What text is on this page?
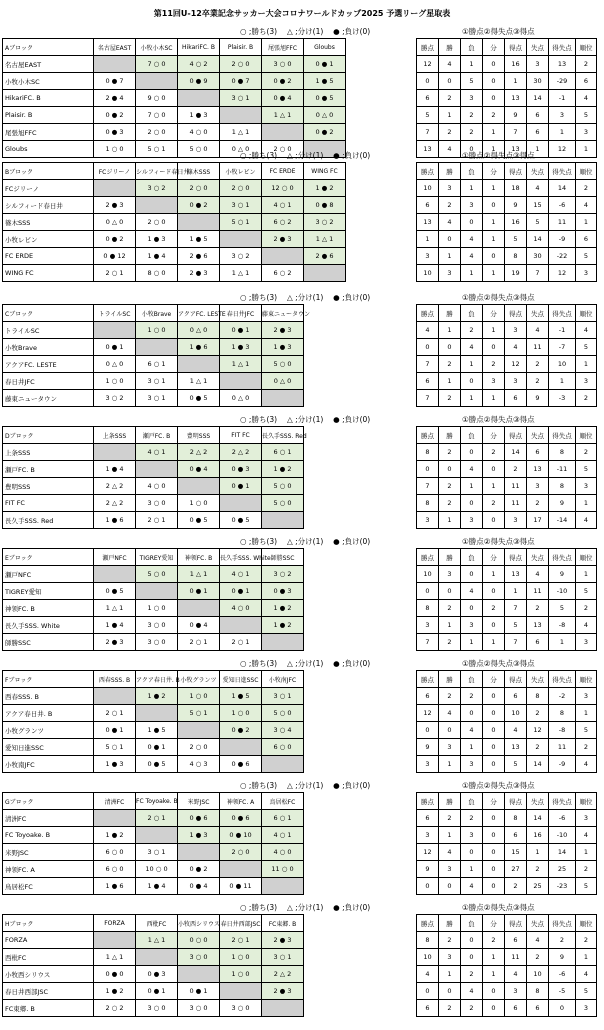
第11回U-12卒業記念サッカー大会コロナワールドカップ2025 予選リーグ星取表
○ ;勝ち(3)　 △ ;分け(1)　 ● ;負け(0)	①勝点②得失点③得点
Aブロック	名古屋EAST	小牧小木SC	HikariFC. B	Plaisir. B	尾張旭FFC	Gloubs
名古屋EAST		7 ○ 0	4 ○ 2	2 ○ 0	3 ○ 0	0 ● 1

小牧小木SC	0 ● 7		0 ● 9	0 ● 7	0 ● 2	1 ● 5

HikariFC. B	2 ● 4	9 ○ 0		3 ○ 1	0 ● 4	0 ● 5

Plaisir. B	0 ● 2	7 ○ 0	1 ● 3		1 △ 1	0 △ 0

尾張旭FFC	0 ● 3	2 ○ 0	4 ○ 0	1 △ 1		0 ● 2

Gloubs	1 ○ 0	5 ○ 1	5 ○ 0	0 △ 0	2 ○ 0	

勝点	勝	負	分	得点	失点	得失点	順位
12	4	1	0	16	3	13	2
0	0	5	0	1	30	-29	6
6	2	3	0	13	14	-1	4
5	1	2	2	9	6	3	5
7	2	2	1	7	6	1	3
13	4	0	1	13	1	12	1
○ ;勝ち(3)　 △ ;分け(1)　 ● ;負け(0)	①勝点②得失点③得点
Bブロック	FCジリーノ	シルフィード春日井	篠木SSS	小牧レビン	FC ERDE	WING FC
FCジリーノ		3 ○ 2	2 ○ 0	2 ○ 0	12 ○ 0	1 ● 2

シルフィード春日井	2 ● 3		0 ● 2	3 ○ 1	4 ○ 1	0 ● 8

篠木SSS	0 △ 0	2 ○ 0		5 ○ 1	6 ○ 2	3 ○ 2

小牧レビン	0 ● 2	1 ● 3	1 ● 5		2 ● 3	1 △ 1

FC ERDE	0 ● 12	1 ● 4	2 ● 6	3 ○ 2		2 ● 6

WING FC	2 ○ 1	8 ○ 0	2 ● 3	1 △ 1	6 ○ 2	

勝点	勝	負	分	得点	失点	得失点	順位
10	3	1	1	18	4	14	2
6	2	3	0	9	15	-6	4
13	4	0	1	16	5	11	1
1	0	4	1	5	14	-9	6
3	1	4	0	8	30	-22	5
10	3	1	1	19	7	12	3
○ ;勝ち(3)　 △ ;分け(1)　 ● ;負け(0)	①勝点②得失点③得点
Cブロック	トライルSC	小牧Brave	アクアFC. LESTE	春日井JFC	藤東ニュータウン
トライルSC		1 ○ 0	0 △ 0	0 ● 1	2 ● 3

小牧Brave	0 ● 1		1 ● 6	1 ● 3	1 ● 3

アクアFC. LESTE	0 △ 0	6 ○ 1		1 △ 1	5 ○ 0

春日井JFC	1 ○ 0	3 ○ 1	1 △ 1		0 △ 0

藤東ニュータウン	3 ○ 2	3 ○ 1	0 ● 5	0 △ 0	

勝点	勝	負	分	得点	失点	得失点	順位
4	1	2	1	3	4	-1	4
0	0	4	0	4	11	-7	5
7	2	1	2	12	2	10	1
6	1	0	3	3	2	1	3
7	2	1	1	6	9	-3	2
○ ;勝ち(3)　 △ ;分け(1)　 ● ;負け(0)	①勝点②得失点③得点
Dブロック	上条SSS	瀬戸FC. B	豊明SSS	FIT FC	長久手SSS. Red
上条SSS		4 ○ 1	2 △ 2	2 △ 2	6 ○ 1

瀬戸FC. B	1 ● 4		0 ● 4	0 ● 3	1 ● 2

豊明SSS	2 △ 2	4 ○ 0		0 ● 1	5 ○ 0

FIT FC	2 △ 2	3 ○ 0	1 ○ 0		5 ○ 0

長久手SSS. Red	1 ● 6	2 ○ 1	0 ● 5	0 ● 5	

勝点	勝	負	分	得点	失点	得失点	順位
8	2	0	2	14	6	8	2
0	0	4	0	2	13	-11	5
7	2	1	1	11	3	8	3
8	2	0	2	11	2	9	1
3	1	3	0	3	17	-14	4
○ ;勝ち(3)　 △ ;分け(1)　 ● ;負け(0)	①勝点②得失点③得点
Eブロック	瀬戸NFC	TIGREY愛知	神领FC. B	長久手SSS. White	師勝SSC
瀬戸NFC		5 ○ 0	1 △ 1	4 ○ 1	3 ○ 2

TIGREY愛知	0 ● 5		0 ● 1	0 ● 1	0 ● 3

神领FC. B	1 △ 1	1 ○ 0		4 ○ 0	1 ● 2

長久手SSS. White	1 ● 4	3 ○ 0	0 ● 4		1 ● 2

師勝SSC	2 ● 3	3 ○ 0	2 ○ 1	2 ○ 1	

勝点	勝	負	分	得点	失点	得失点	順位
10	3	0	1	13	4	9	1
0	0	4	0	1	11	-10	5
8	2	0	2	7	2	5	2
3	1	3	0	5	13	-8	4
7	2	1	1	7	6	1	3
○ ;勝ち(3)　 △ ;分け(1)　 ● ;負け(0)	①勝点②得失点③得点
Fブロック	西春SSS. B	アクア春日井. B	小牧グランツ	愛知日進SSC	小牧南JFC
西春SSS. B		1 ● 2	1 ○ 0	1 ● 5	3 ○ 1

アクア春日井. B	2 ○ 1		5 ○ 1	1 ○ 0	5 ○ 0

小牧グランツ	0 ● 1	1 ● 5		0 ● 2	3 ○ 4

愛知日進SSC	5 ○ 1	0 ● 1	2 ○ 0		6 ○ 0

小牧南JFC	1 ● 3	0 ● 5	4 ○ 3	0 ● 6	

勝点	勝	負	分	得点	失点	得失点	順位
6	2	2	0	6	8	-2	3
12	4	0	0	10	2	8	1
0	0	4	0	4	12	-8	5
9	3	1	0	13	2	11	2
3	1	3	0	5	14	-9	4
○ ;勝ち(3)　 △ ;分け(1)　 ● ;負け(0)	①勝点②得失点③得点
Gブロック	清洲FC	FC Toyoake. B	米野JSC	神领FC. A	鳥居松FC
清洲FC		2 ○ 1	0 ● 6	0 ● 6	6 ○ 1

FC Toyoake. B	1 ● 2		1 ● 3	0 ● 10	4 ○ 1

米野JSC	6 ○ 0	3 ○ 1		2 ○ 0	4 ○ 0

神领FC. A	6 ○ 0	10 ○ 0	0 ● 2		11 ○ 0

鳥居松FC	1 ● 6	1 ● 4	0 ● 4	0 ● 11	

勝点	勝	負	分	得点	失点	得失点	順位
6	2	2	0	8	14	-6	3
3	1	3	0	6	16	-10	4
12	4	0	0	15	1	14	1
9	3	1	0	27	2	25	2
0	0	4	0	2	25	-23	5
○ ;勝ち(3)　 △ ;分け(1)　 ● ;負け(0)	①勝点②得失点③得点
Hブロック	FORZA	西枇FC	小牧西シリウス	春日井西部JSC	FC東郷. B
FORZA		1 △ 1	0 ○ 0	2 ○ 1	2 ● 3

西枇FC	1 △ 1		3 ○ 0	1 ○ 0	3 ○ 1

小牧西シリウス	0 ● 0	0 ● 3		1 ○ 0	2 △ 2

春日井西部JSC	1 ● 2	0 ● 1	0 ● 1		2 ● 3

FC東郷. B	2 ○ 2	3 ○ 0	3 ○ 0	3 ○ 0	

勝点	勝	負	分	得点	失点	得失点	順位
8	2	0	2	6	4	2	2
10	3	0	1	11	2	9	1
4	1	2	1	4	10	-6	4
0	0	4	0	3	8	-5	5
6	2	2	0	6	6	0	3
